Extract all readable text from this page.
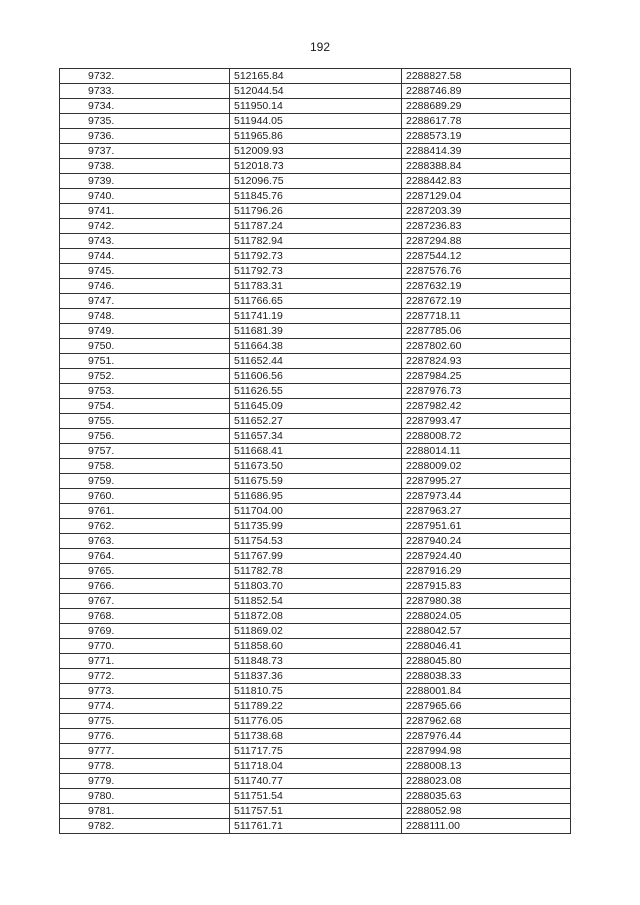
192
9732.	512165.84	2288827.58
9733.	512044.54	2288746.89
9734.	511950.14	2288689.29
9735.	511944.05	2288617.78
9736.	511965.86	2288573.19
9737.	512009.93	2288414.39
9738.	512018.73	2288388.84
9739.	512096.75	2288442.83
9740.	511845.76	2287129.04
9741.	511796.26	2287203.39
9742.	511787.24	2287236.83
9743.	511782.94	2287294.88
9744.	511792.73	2287544.12
9745.	511792.73	2287576.76
9746.	511783.31	2287632.19
9747.	511766.65	2287672.19
9748.	511741.19	2287718.11
9749.	511681.39	2287785.06
9750.	511664.38	2287802.60
9751.	511652.44	2287824.93
9752.	511606.56	2287984.25
9753.	511626.55	2287976.73
9754.	511645.09	2287982.42
9755.	511652.27	2287993.47
9756.	511657.34	2288008.72
9757.	511668.41	2288014.11
9758.	511673.50	2288009.02
9759.	511675.59	2287995.27
9760.	511686.95	2287973.44
9761.	511704.00	2287963.27
9762.	511735.99	2287951.61
9763.	511754.53	2287940.24
9764.	511767.99	2287924.40
9765.	511782.78	2287916.29
9766.	511803.70	2287915.83
9767.	511852.54	2287980.38
9768.	511872.08	2288024.05
9769.	511869.02	2288042.57
9770.	511858.60	2288046.41
9771.	511848.73	2288045.80
9772.	511837.36	2288038.33
9773.	511810.75	2288001.84
9774.	511789.22	2287965.66
9775.	511776.05	2287962.68
9776.	511738.68	2287976.44
9777.	511717.75	2287994.98
9778.	511718.04	2288008.13
9779.	511740.77	2288023.08
9780.	511751.54	2288035.63
9781.	511757.51	2288052.98
9782.	511761.71	2288111.00
